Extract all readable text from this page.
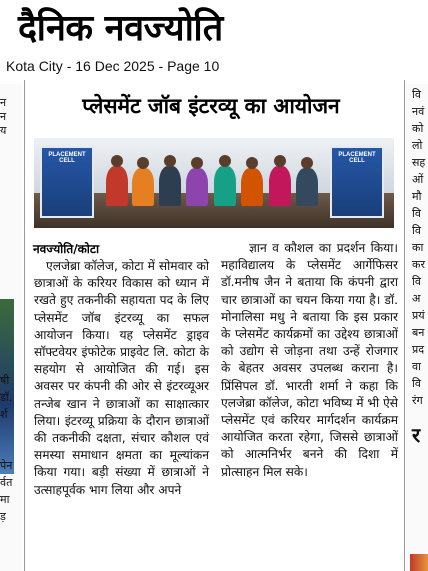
दैनिक नवज्योति
Kota City - 16 Dec 2025 - Page 10
न
न
य
षी
डॉ.
र्श
पेन
र्वत
मा
ड़
वि
नवं
को
लो
सह
ओं
मौ
वि
वि
का
कर
वि
अ
प्रयं
बन
प्रद
वा
वि
रंग
र
प्लेसमेंट जॉब इंटरव्यू का आयोजन
PLACEMENT CELL
PLACEMENT CELL
नवज्योति/कोटा
एलजेब्रा कॉलेज, कोटा में सोमवार को छात्राओं के करियर विकास को ध्यान में रखते हुए तकनीकी सहायता पद के लिए प्लेसमेंट जॉब इंटरव्यू का सफल आयोजन किया। यह प्लेसमेंट ड्राइव सॉफ्टवेयर इंफोटेक प्राइवेट लि. कोटा के सहयोग से आयोजित की गई। इस अवसर पर कंपनी की ओर से इंटरव्यूअर तन्जेब खान ने छात्राओं का साक्षात्कार लिया। इंटरव्यू प्रक्रिया के दौरान छात्राओं की तकनीकी दक्षता, संचार कौशल एवं समस्या समाधान क्षमता का मूल्यांकन किया गया। बड़ी संख्या में छात्राओं ने उत्साहपूर्वक भाग लिया और अपने
ज्ञान व कौशल का प्रदर्शन किया। महाविद्यालय के प्लेसमेंट आर्गेफिसर डॉ.मनीष जैन ने बताया कि कंपनी द्वारा चार छात्राओं का चयन किया गया है। डॉ. मोनालिसा मधु ने बताया कि इस प्रकार के प्लेसमेंट कार्यक्रमों का उद्देश्य छात्राओं को उद्योग से जोड़ना तथा उन्हें रोजगार के बेहतर अवसर उपलब्ध कराना है। प्रिंसिपल डॉ. भारती शर्मा ने कहा कि एलजेब्रा कॉलेज, कोटा भविष्य में भी ऐसे प्लेसमेंट एवं करियर मार्गदर्शन कार्यक्रम आयोजित करता रहेगा, जिससे छात्राओं को आत्मनिर्भर बनने की दिशा में प्रोत्साहन मिल सके।
